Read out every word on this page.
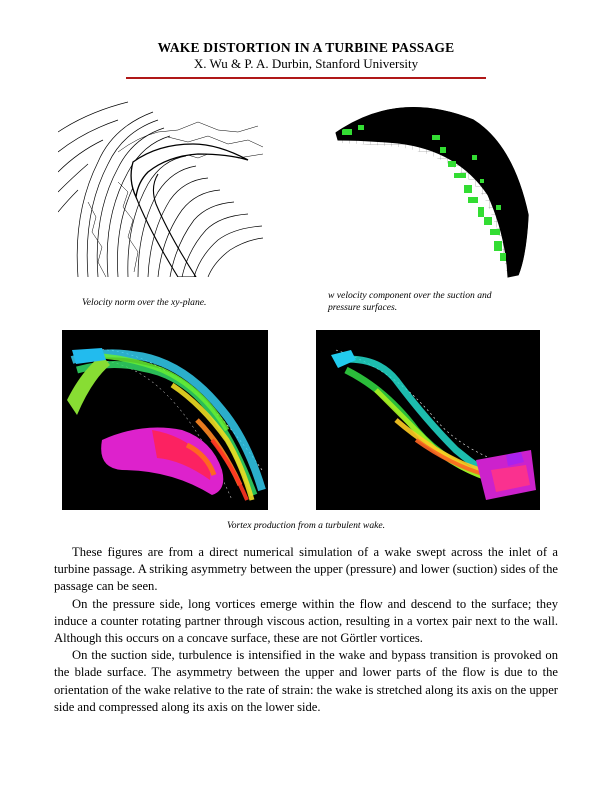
WAKE DISTORTION IN A TURBINE PASSAGE
X. Wu & P. A. Durbin, Stanford University
Velocity norm over the xy-plane.
w velocity component over the suction and pressure surfaces.
Vortex production from a turbulent wake.

These figures are from a direct numerical simulation of a wake swept across the inlet of a turbine passage. A striking asymmetry between the upper (pressure) and lower (suction) sides of the passage can be seen.

On the pressure side, long vortices emerge within the flow and descend to the surface; they induce a counter rotating partner through viscous action, resulting in a vortex pair next to the wall. Although this occurs on a concave surface, these are not Görtler vortices.

On the suction side, turbulence is intensified in the wake and bypass transition is provoked on the blade surface. The asymmetry between the upper and lower parts of the flow is due to the orientation of the wake relative to the rate of strain: the wake is stretched along its axis on the upper side and compressed along its axis on the lower side.
